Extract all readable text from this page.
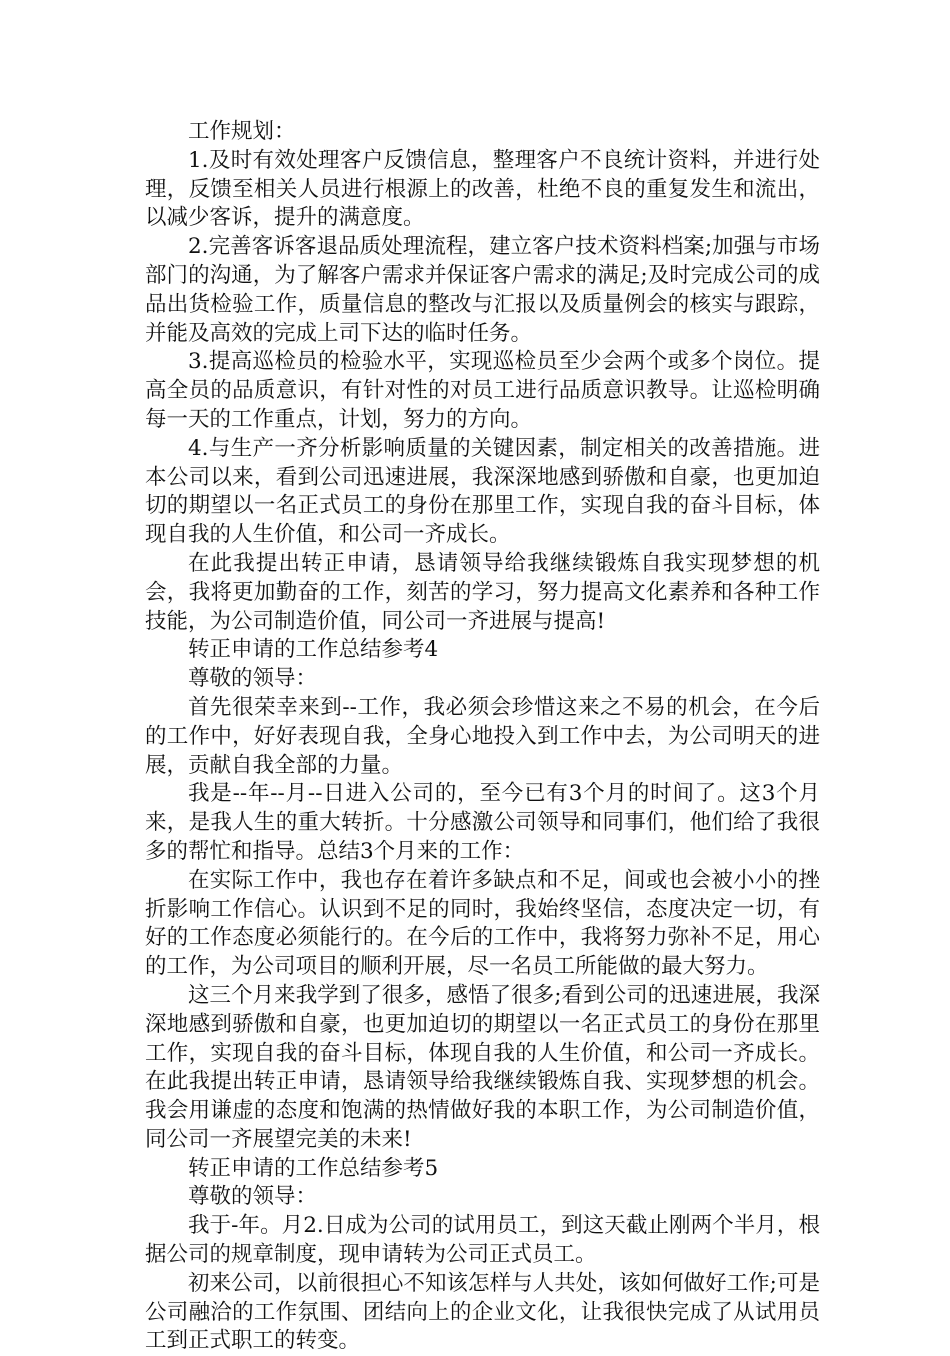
工作规划：

1.及时有效处理客户反馈信息，整理客户不良统计资料，并进行处理，反馈至相关人员进行根源上的改善，杜绝不良的重复发生和流出，以减少客诉，提升的满意度。

2.完善客诉客退品质处理流程，建立客户技术资料档案;加强与市场部门的沟通，为了解客户需求并保证客户需求的满足;及时完成公司的成品出货检验工作，质量信息的整改与汇报以及质量例会的核实与跟踪，并能及高效的完成上司下达的临时任务。

3.提高巡检员的检验水平，实现巡检员至少会两个或多个岗位。提高全员的品质意识，有针对性的对员工进行品质意识教导。让巡检明确每一天的工作重点，计划，努力的方向。

4.与生产一齐分析影响质量的关键因素，制定相关的改善措施。进本公司以来，看到公司迅速进展，我深深地感到骄傲和自豪，也更加迫切的期望以一名正式员工的身份在那里工作，实现自我的奋斗目标，体现自我的人生价值，和公司一齐成长。

在此我提出转正申请，恳请领导给我继续锻炼自我实现梦想的机会，我将更加勤奋的工作，刻苦的学习，努力提高文化素养和各种工作技能，为公司制造价值，同公司一齐进展与提高!

转正申请的工作总结参考4

尊敬的领导：

首先很荣幸来到--工作，我必须会珍惜这来之不易的机会，在今后的工作中，好好表现自我，全身心地投入到工作中去，为公司明天的进展，贡献自我全部的力量。

我是--年--月--日进入公司的，至今已有3个月的时间了。这3个月来，是我人生的重大转折。十分感激公司领导和同事们，他们给了我很多的帮忙和指导。总结3个月来的工作：

在实际工作中，我也存在着许多缺点和不足，间或也会被小小的挫折影响工作信心。认识到不足的同时，我始终坚信，态度决定一切，有好的工作态度必须能行的。在今后的工作中，我将努力弥补不足，用心的工作，为公司项目的顺利开展，尽一名员工所能做的最大努力。

这三个月来我学到了很多，感悟了很多;看到公司的迅速进展，我深深地感到骄傲和自豪，也更加迫切的期望以一名正式员工的身份在那里工作，实现自我的奋斗目标，体现自我的人生价值，和公司一齐成长。在此我提出转正申请，恳请领导给我继续锻炼自我、实现梦想的机会。我会用谦虚的态度和饱满的热情做好我的本职工作，为公司制造价值，同公司一齐展望完美的未来!

转正申请的工作总结参考5

尊敬的领导：

我于-年。月2.日成为公司的试用员工，到这天截止刚两个半月，根据公司的规章制度，现申请转为公司正式员工。

初来公司，以前很担心不知该怎样与人共处，该如何做好工作;可是公司融洽的工作氛围、团结向上的企业文化，让我很快完成了从试用员工到正式职工的转变。
